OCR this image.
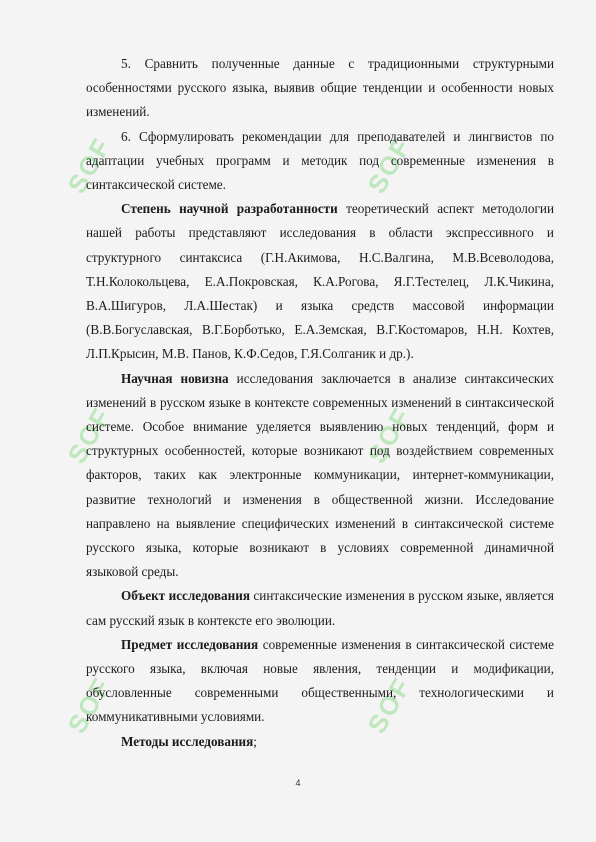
SOF	SOF
SOF	SOF
SOF	SOF

5. Сравнить полученные данные с традиционными структурными особенностями русского языка, выявив общие тенденции и особенности новых изменений.

6. Сформулировать рекомендации для преподавателей и лингвистов по адаптации учебных программ и методик под современные изменения в синтаксической системе.

Степень научной разработанности теоретический аспект методологии нашей работы представляют исследования в области экспрессивного и структурного синтаксиса (Г.Н.Акимова, Н.С.Валгина, М.В.Всеволодова, Т.Н.Колокольцева, Е.А.Покровская, К.А.Рогова, Я.Г.Тестелец, Л.К.Чикина, В.А.Шигуров, Л.А.Шестак) и языка средств массовой информации (В.В.Богуславская, В.Г.Борботько, Е.А.Земская, В.Г.Костомаров, Н.Н. Кохтев, Л.П.Крысин, М.В. Панов, К.Ф.Седов, Г.Я.Солганик и др.).

Научная новизна исследования заключается в анализе синтаксических изменений в русском языке в контексте современных изменений в синтаксической системе. Особое внимание уделяется выявлению новых тенденций, форм и структурных особенностей, которые возникают под воздействием современных факторов, таких как электронные коммуникации, интернет-коммуникации, развитие технологий и изменения в общественной жизни. Исследование направлено на выявление специфических изменений в синтаксической системе русского языка, которые возникают в условиях современной динамичной языковой среды.

Объект исследования синтаксические изменения в русском языке, является сам русский язык в контексте его эволюции.

Предмет исследования современные изменения в синтаксической системе русского языка, включая новые явления, тенденции и модификации, обусловленные современными общественными, технологическими и коммуникативными условиями.

Методы исследования;

4
